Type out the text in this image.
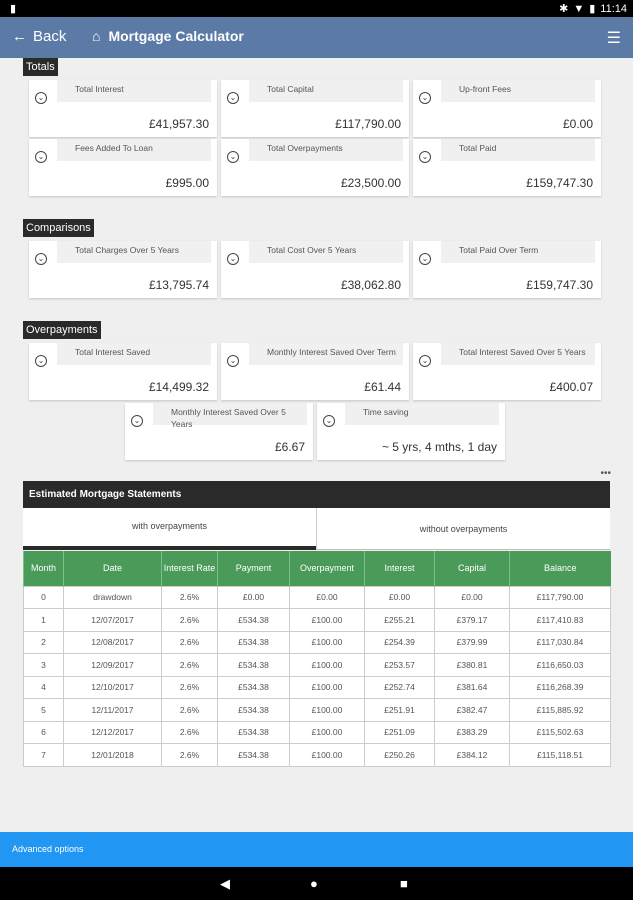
▮	✱ ▼ ▮ 11:14
← Back ⌂ Mortgage Calculator	☰
Totals
⌄
Total Interest
£41,957.30
⌄
Total Capital
£117,790.00
⌄
Up-front Fees
£0.00
⌄
Fees Added To Loan
£995.00
⌄
Total Overpayments
£23,500.00
⌄
Total Paid
£159,747.30
Comparisons
⌄
Total Charges Over 5 Years
£13,795.74
⌄
Total Cost Over 5 Years
£38,062.80
⌄
Total Paid Over Term
£159,747.30
Overpayments
⌄
Total Interest Saved
£14,499.32
⌄
Monthly Interest Saved Over Term
£61.44
⌄
Total Interest Saved Over 5 Years
£400.07
⌄
Monthly Interest Saved Over 5 Years
£6.67
⌄
Time saving
~ 5 yrs, 4 mths, 1 day
•••
Estimated Mortgage Statements
with overpayments	without overpayments
Month	Date	Interest Rate	Payment	Overpayment	Interest	Capital	Balance
0	drawdown	2.6%	£0.00	£0.00	£0.00	£0.00	£117,790.00
1	12/07/2017	2.6%	£534.38	£100.00	£255.21	£379.17	£117,410.83
2	12/08/2017	2.6%	£534.38	£100.00	£254.39	£379.99	£117,030.84
3	12/09/2017	2.6%	£534.38	£100.00	£253.57	£380.81	£116,650.03
4	12/10/2017	2.6%	£534.38	£100.00	£252.74	£381.64	£116,268.39
5	12/11/2017	2.6%	£534.38	£100.00	£251.91	£382.47	£115,885.92
6	12/12/2017	2.6%	£534.38	£100.00	£251.09	£383.29	£115,502.63
7	12/01/2018	2.6%	£534.38	£100.00	£250.26	£384.12	£115,118.51
Advanced options
◀	●	■
